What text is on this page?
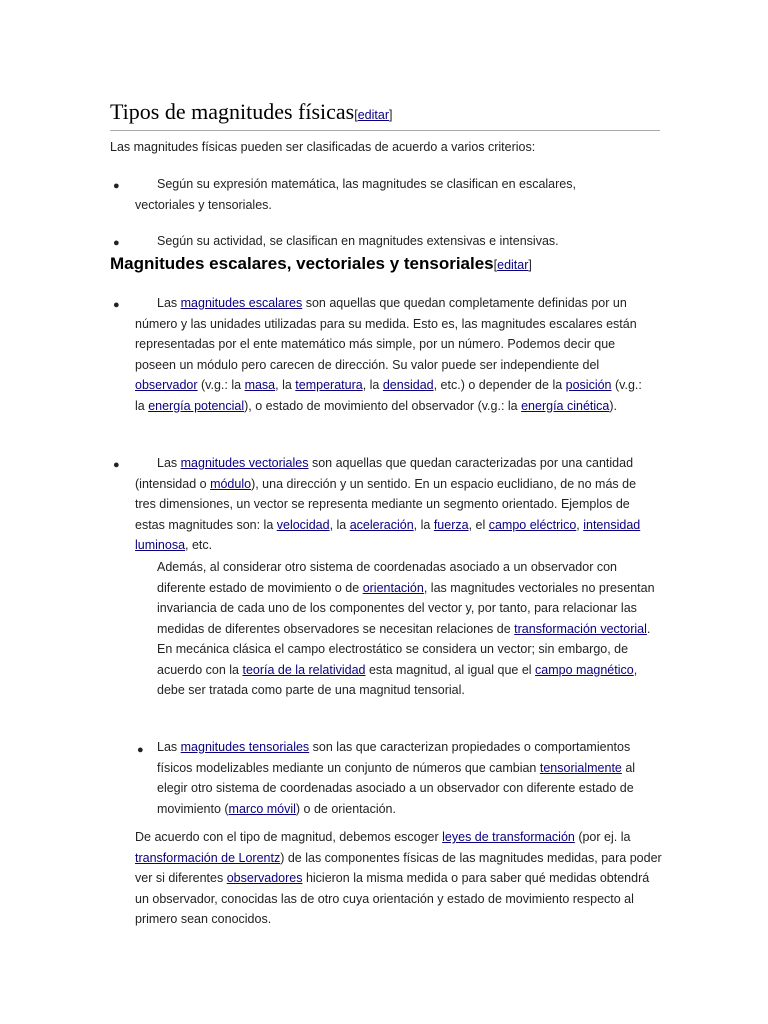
Tipos de magnitudes físicas[editar]
Las magnitudes físicas pueden ser clasificadas de acuerdo a varios criterios:
●	Según su expresión matemática, las magnitudes se clasifican en escalares, vectoriales y tensoriales.
●	Según su actividad, se clasifican en magnitudes extensivas e intensivas.
Magnitudes escalares, vectoriales y tensoriales[editar]
●	Las magnitudes escalares son aquellas que quedan completamente definidas por un número y las unidades utilizadas para su medida. Esto es, las magnitudes escalares están representadas por el ente matemático más simple, por un número. Podemos decir que poseen un módulo pero carecen de dirección. Su valor puede ser independiente del observador (v.g.: la masa, la temperatura, la densidad, etc.) o depender de la posición (v.g.: la energía potencial), o estado de movimiento del observador (v.g.: la energía cinética).
●	Las magnitudes vectoriales son aquellas que quedan caracterizadas por una cantidad (intensidad o módulo), una dirección y un sentido. En un espacio euclidiano, de no más de tres dimensiones, un vector se representa mediante un segmento orientado. Ejemplos de estas magnitudes son: la velocidad, la aceleración, la fuerza, el campo eléctrico, intensidad luminosa, etc.
Además, al considerar otro sistema de coordenadas asociado a un observador con diferente estado de movimiento o de orientación, las magnitudes vectoriales no presentan invariancia de cada uno de los componentes del vector y, por tanto, para relacionar las medidas de diferentes observadores se necesitan relaciones de transformación vectorial. En mecánica clásica el campo electrostático se considera un vector; sin embargo, de acuerdo con la teoría de la relatividad esta magnitud, al igual que el campo magnético, debe ser tratada como parte de una magnitud tensorial.
● Las magnitudes tensoriales son las que caracterizan propiedades o comportamientos físicos modelizables mediante un conjunto de números que cambian tensorialmente al elegir otro sistema de coordenadas asociado a un observador con diferente estado de movimiento (marco móvil) o de orientación.
De acuerdo con el tipo de magnitud, debemos escoger leyes de transformación (por ej. la transformación de Lorentz) de las componentes físicas de las magnitudes medidas, para poder ver si diferentes observadores hicieron la misma medida o para saber qué medidas obtendrá un observador, conocidas las de otro cuya orientación y estado de movimiento respecto al primero sean conocidos.
